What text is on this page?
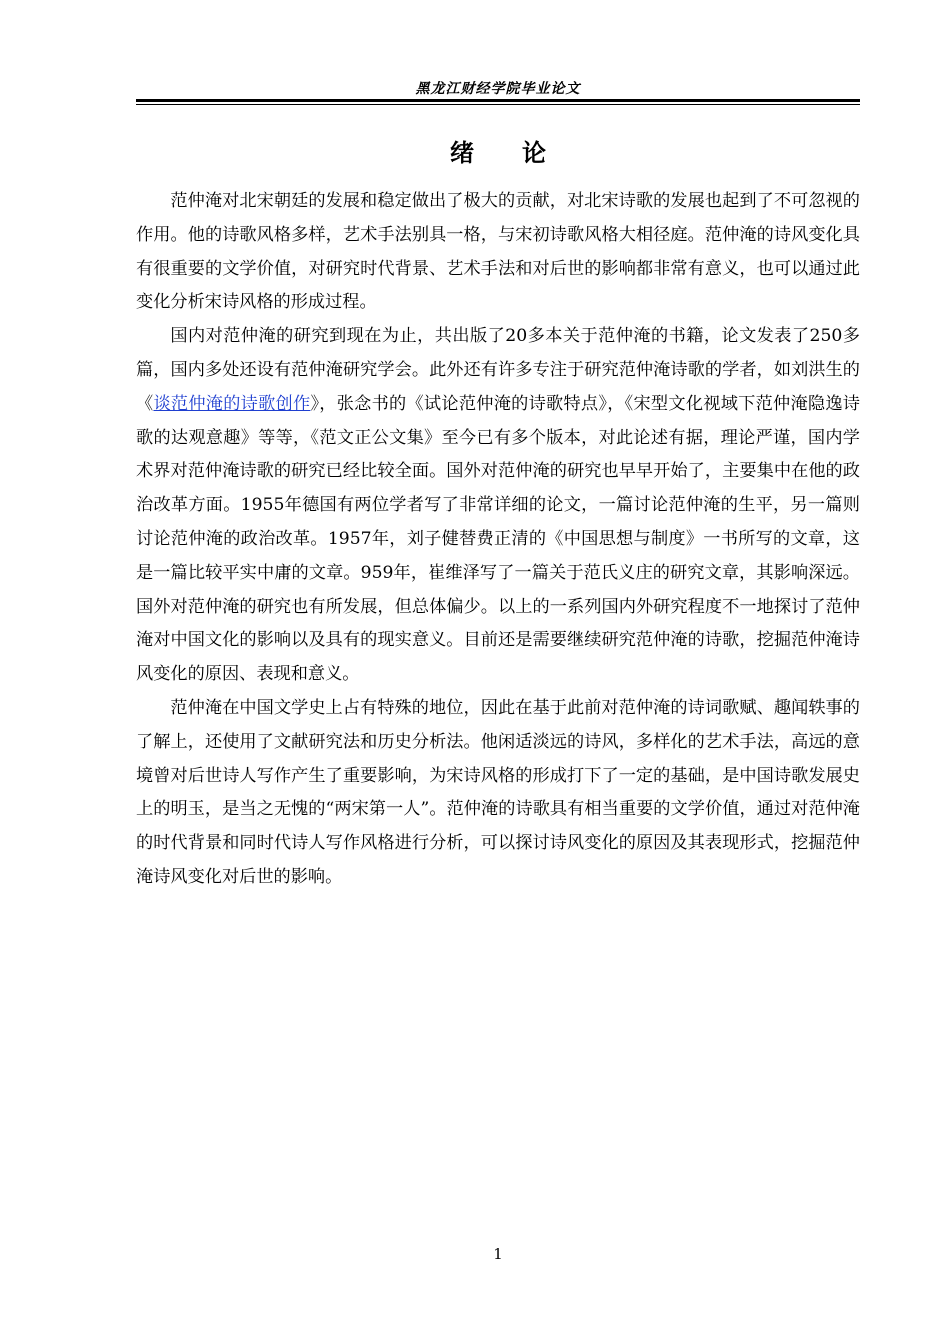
黑龙江财经学院毕业论文
绪论

范仲淹对北宋朝廷的发展和稳定做出了极大的贡献，对北宋诗歌的发展也起到了不可忽视的作用。他的诗歌风格多样，艺术手法别具一格，与宋初诗歌风格大相径庭。范仲淹的诗风变化具有很重要的文学价值，对研究时代背景、艺术手法和对后世的影响都非常有意义，也可以通过此变化分析宋诗风格的形成过程。

国内对范仲淹的研究到现在为止，共出版了20多本关于范仲淹的书籍，论文发表了250多篇，国内多处还设有范仲淹研究学会。此外还有许多专注于研究范仲淹诗歌的学者，如刘洪生的《谈范仲淹的诗歌创作》，张念书的《试论范仲淹的诗歌特点》，《宋型文化视域下范仲淹隐逸诗歌的达观意趣》等等，《范文正公文集》至今已有多个版本，对此论述有据，理论严谨，国内学术界对范仲淹诗歌的研究已经比较全面。国外对范仲淹的研究也早早开始了，主要集中在他的政治改革方面。1955年德国有两位学者写了非常详细的论文，一篇讨论范仲淹的生平，另一篇则讨论范仲淹的政治改革。1957年，刘子健替费正清的《中国思想与制度》一书所写的文章，这是一篇比较平实中庸的文章。959年，崔维泽写了一篇关于范氏义庄的研究文章，其影响深远。国外对范仲淹的研究也有所发展，但总体偏少。以上的一系列国内外研究程度不一地探讨了范仲淹对中国文化的影响以及具有的现实意义。目前还是需要继续研究范仲淹的诗歌，挖掘范仲淹诗风变化的原因、表现和意义。

范仲淹在中国文学史上占有特殊的地位，因此在基于此前对范仲淹的诗词歌赋、趣闻轶事的了解上，还使用了文献研究法和历史分析法。他闲适淡远的诗风，多样化的艺术手法，高远的意境曾对后世诗人写作产生了重要影响，为宋诗风格的形成打下了一定的基础，是中国诗歌发展史上的明玉，是当之无愧的“两宋第一人”。范仲淹的诗歌具有相当重要的文学价值，通过对范仲淹的时代背景和同时代诗人写作风格进行分析，可以探讨诗风变化的原因及其表现形式，挖掘范仲淹诗风变化对后世的影响。

1
